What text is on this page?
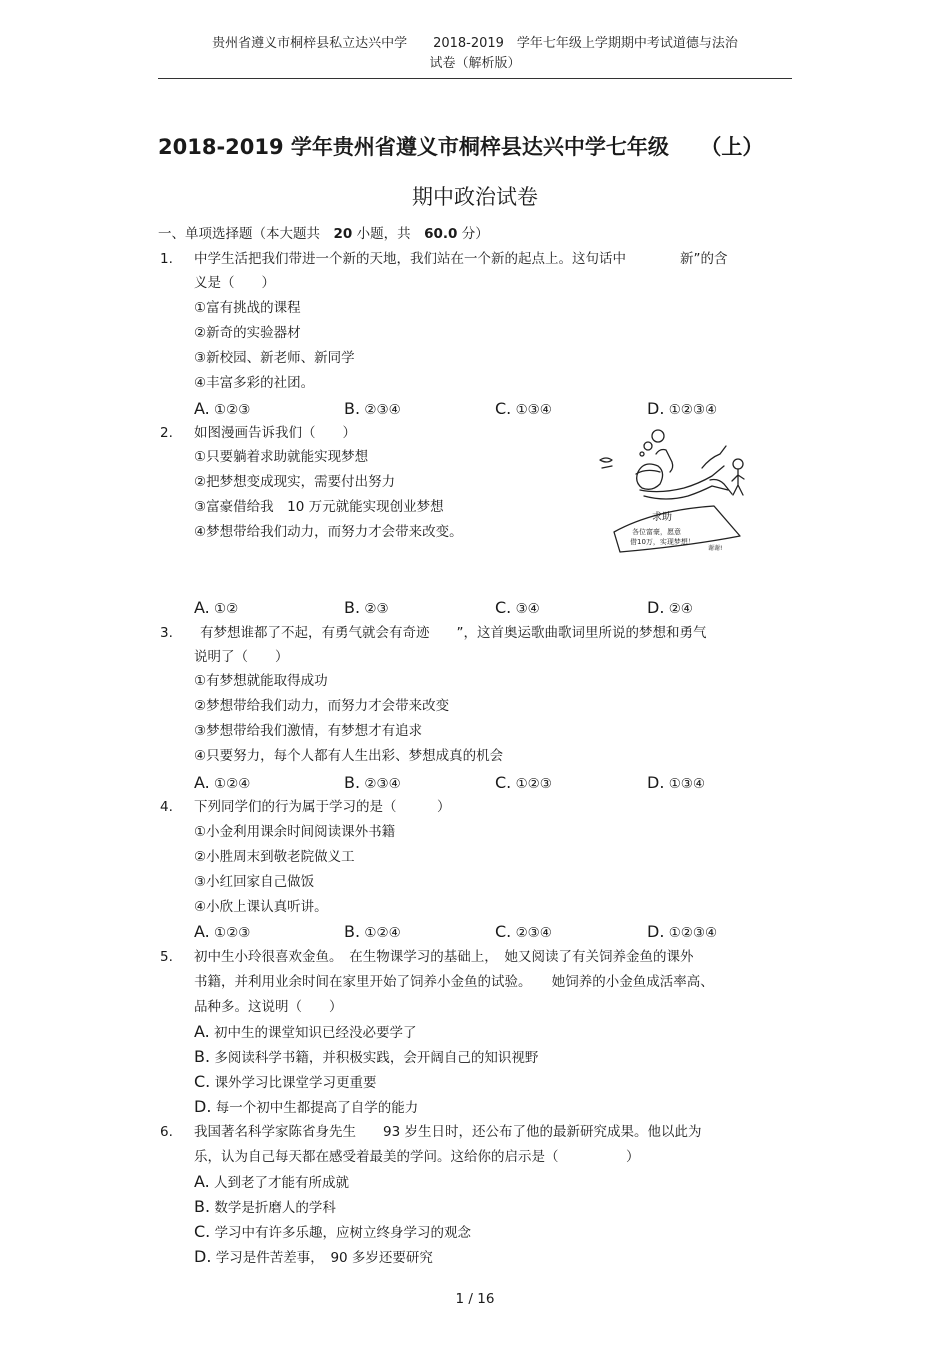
贵州省遵义市桐梓县私立达兴中学　　2018-2019　学年七年级上学期期中考试道德与法治
试卷（解析版）
2018-2019 学年贵州省遵义市桐梓县达兴中学七年级　　（上）
期中政治试卷
一、单项选择题（本大题共　20 小题，共　60.0 分）
1. 中学生活把我们带进一个新的天地，我们站在一个新的起点上。这句话中　　　　新”的含
义是（　　）
①富有挑战的课程
②新奇的实验器材
③新校园、新老师、新同学
④丰富多彩的社团。
A. ①②③	B. ②③④	C. ①③④	D. ①②③④
2. 如图漫画告诉我们（　　）
①只要躺着求助就能实现梦想
②把梦想变成现实，需要付出努力
③富豪借给我　10 万元就能实现创业梦想
④梦想带给我们动力，而努力才会带来改变。
求助
各位富豪，愿意
借10万，实现梦想！
谢谢!
A. ①②	B. ②③	C. ③④	D. ②④
3. 有梦想谁都了不起，有勇气就会有奇迹　　”，这首奥运歌曲歌词里所说的梦想和勇气
说明了（　　）
①有梦想就能取得成功
②梦想带给我们动力，而努力才会带来改变
③梦想带给我们激情，有梦想才有追求
④只要努力，每个人都有人生出彩、梦想成真的机会
A. ①②④	B. ②③④	C. ①②③	D. ①③④
4. 下列同学们的行为属于学习的是（　　　）
①小金利用课余时间阅读课外书籍
②小胜周末到敬老院做义工
③小红回家自己做饭
④小欣上课认真听讲。
A. ①②③	B. ①②④	C. ②③④	D. ①②③④
5. 初中生小玲很喜欢金鱼。　在生物课学习的基础上，　她又阅读了有关饲养金鱼的课外
书籍，并利用业余时间在家里开始了饲养小金鱼的试验。　　她饲养的小金鱼成活率高、
品种多。这说明（　　）
A. 初中生的课堂知识已经没必要学了
B. 多阅读科学书籍，并积极实践，会开阔自己的知识视野
C. 课外学习比课堂学习更重要
D. 每一个初中生都提高了自学的能力
6. 我国著名科学家陈省身先生　　93 岁生日时，还公布了他的最新研究成果。他以此为
乐，认为自己每天都在感受着最美的学问。这给你的启示是（　　　　　）
A. 人到老了才能有所成就
B. 数学是折磨人的学科
C. 学习中有许多乐趣，应树立终身学习的观念
D. 学习是件苦差事，　90 多岁还要研究
1 / 16
